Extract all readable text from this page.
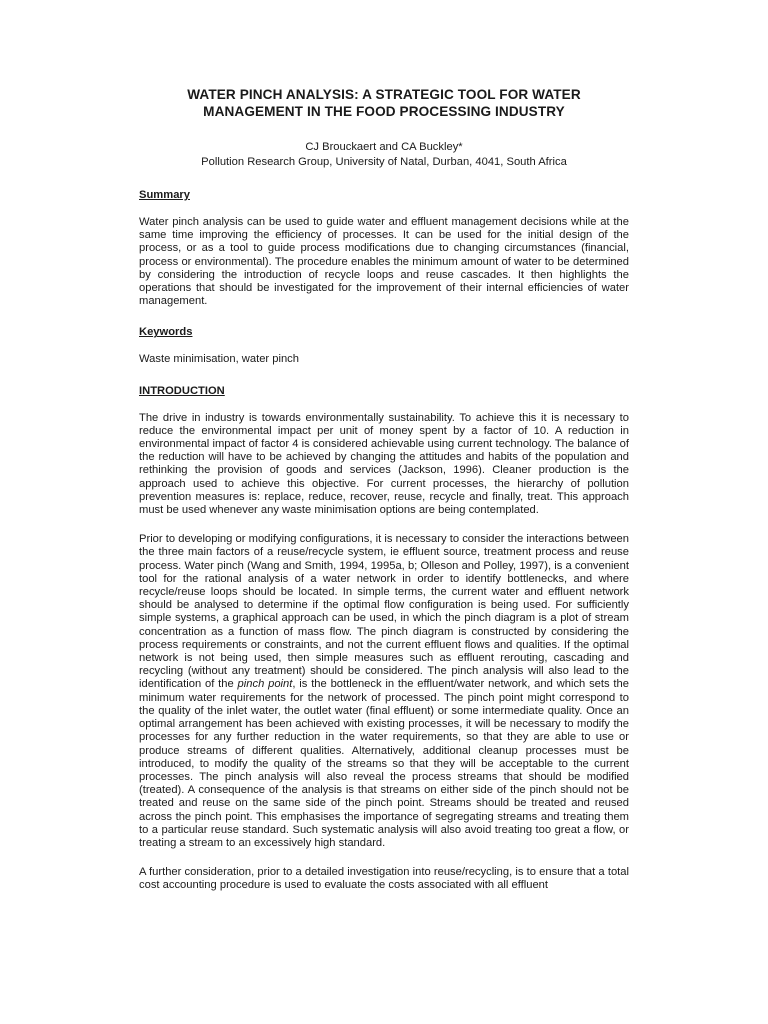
WATER PINCH ANALYSIS: A STRATEGIC TOOL FOR WATER MANAGEMENT IN THE FOOD PROCESSING INDUSTRY
CJ Brouckaert and CA Buckley*
Pollution Research Group, University of Natal, Durban, 4041, South Africa
Summary

Water pinch analysis can be used to guide water and effluent management decisions while at the same time improving the efficiency of processes. It can be used for the initial design of the process, or as a tool to guide process modifications due to changing circumstances (financial, process or environmental). The procedure enables the minimum amount of water to be determined by considering the introduction of recycle loops and reuse cascades. It then highlights the operations that should be investigated for the improvement of their internal efficiencies of water management.

Keywords

Waste minimisation, water pinch

INTRODUCTION

The drive in industry is towards environmentally sustainability. To achieve this it is necessary to reduce the environmental impact per unit of money spent by a factor of 10. A reduction in environmental impact of factor 4 is considered achievable using current technology. The balance of the reduction will have to be achieved by changing the attitudes and habits of the population and rethinking the provision of goods and services (Jackson, 1996). Cleaner production is the approach used to achieve this objective. For current processes, the hierarchy of pollution prevention measures is: replace, reduce, recover, reuse, recycle and finally, treat. This approach must be used whenever any waste minimisation options are being contemplated.

Prior to developing or modifying configurations, it is necessary to consider the interactions between the three main factors of a reuse/recycle system, ie effluent source, treatment process and reuse process. Water pinch (Wang and Smith, 1994, 1995a, b; Olleson and Polley, 1997), is a convenient tool for the rational analysis of a water network in order to identify bottlenecks, and where recycle/reuse loops should be located. In simple terms, the current water and effluent network should be analysed to determine if the optimal flow configuration is being used. For sufficiently simple systems, a graphical approach can be used, in which the pinch diagram is a plot of stream concentration as a function of mass flow. The pinch diagram is constructed by considering the process requirements or constraints, and not the current effluent flows and qualities. If the optimal network is not being used, then simple measures such as effluent rerouting, cascading and recycling (without any treatment) should be considered. The pinch analysis will also lead to the identification of the pinch point, is the bottleneck in the effluent/water network, and which sets the minimum water requirements for the network of processed. The pinch point might correspond to the quality of the inlet water, the outlet water (final effluent) or some intermediate quality. Once an optimal arrangement has been achieved with existing processes, it will be necessary to modify the processes for any further reduction in the water requirements, so that they are able to use or produce streams of different qualities. Alternatively, additional cleanup processes must be introduced, to modify the quality of the streams so that they will be acceptable to the current processes. The pinch analysis will also reveal the process streams that should be modified (treated). A consequence of the analysis is that streams on either side of the pinch should not be treated and reuse on the same side of the pinch point. Streams should be treated and reused across the pinch point. This emphasises the importance of segregating streams and treating them to a particular reuse standard. Such systematic analysis will also avoid treating too great a flow, or treating a stream to an excessively high standard.

A further consideration, prior to a detailed investigation into reuse/recycling, is to ensure that a total cost accounting procedure is used to evaluate the costs associated with all effluent
